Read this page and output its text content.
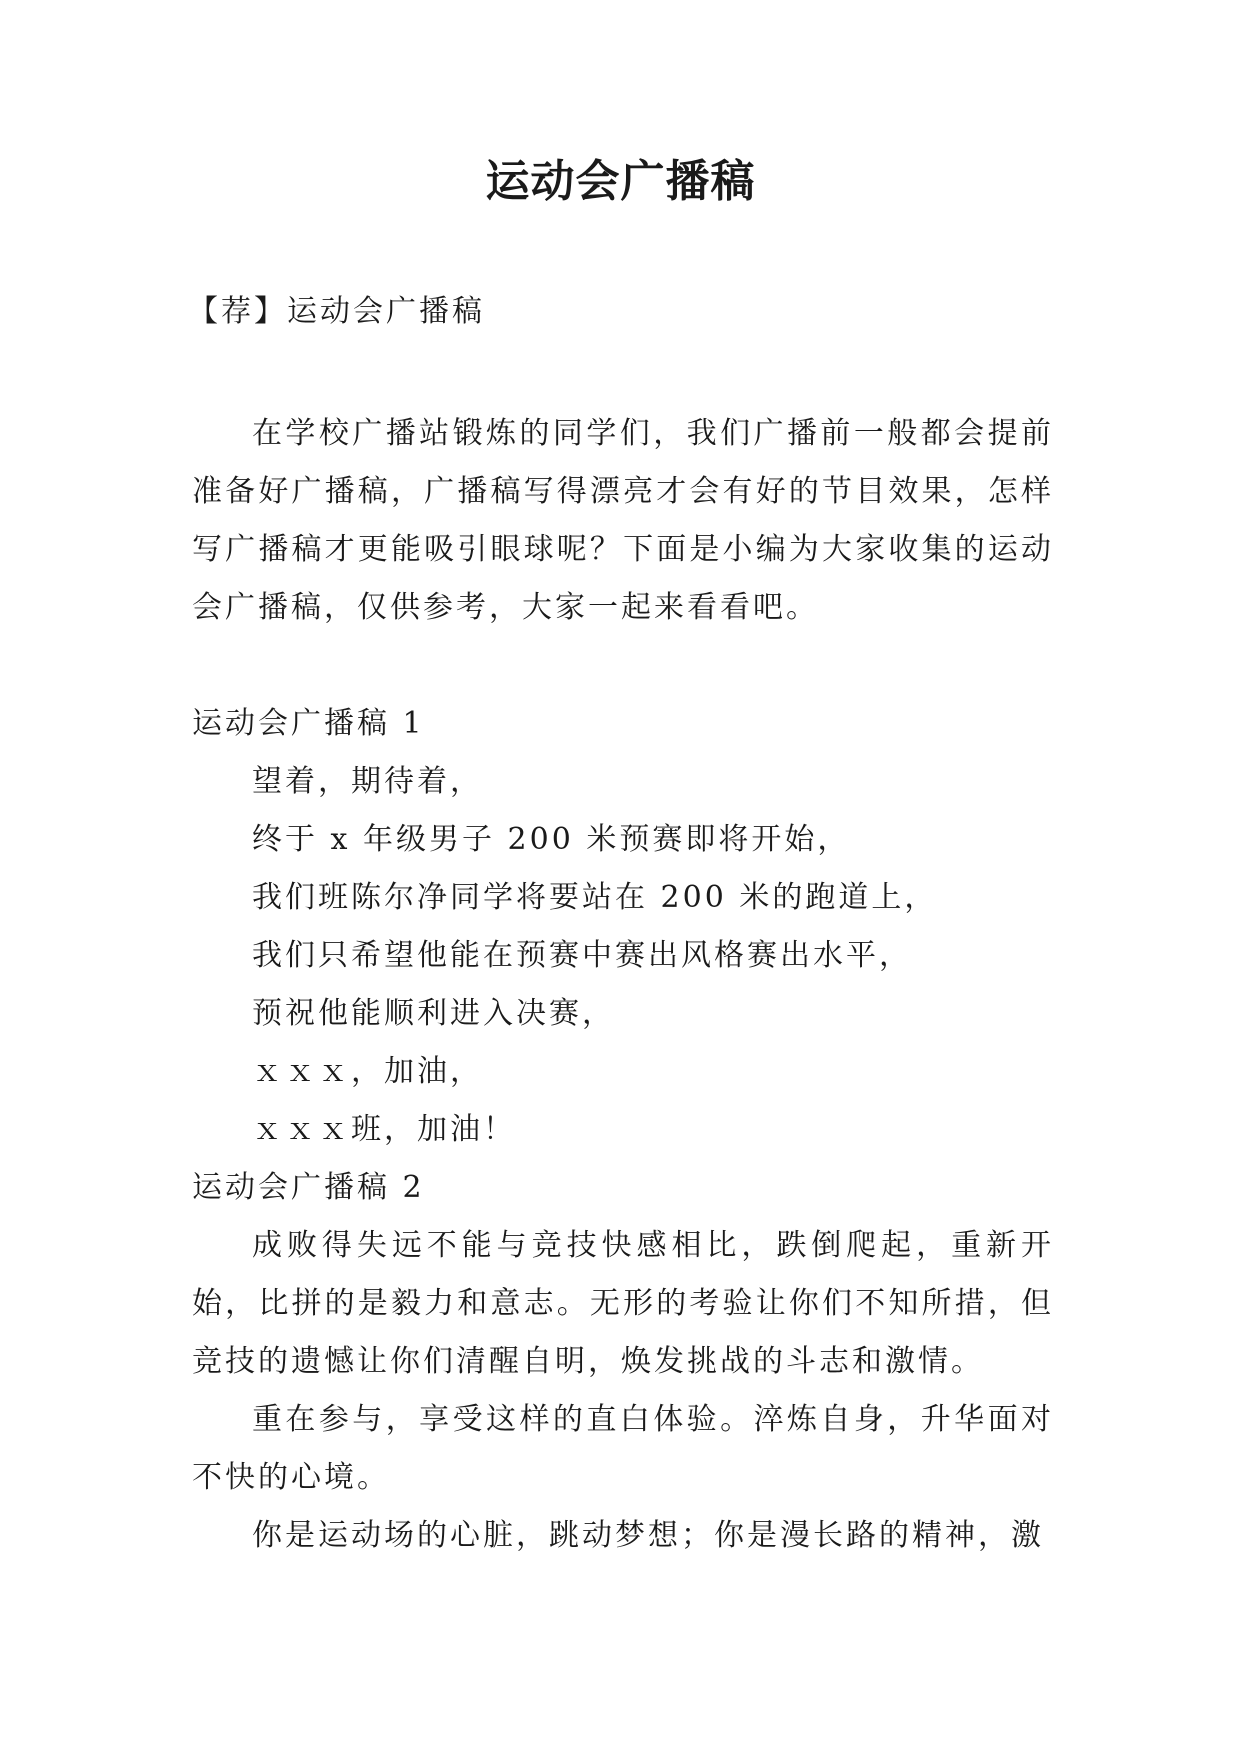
运动会广播稿
【荐】运动会广播稿

在学校广播站锻炼的同学们，我们广播前一般都会提前准备好广播稿，广播稿写得漂亮才会有好的节目效果，怎样写广播稿才更能吸引眼球呢？下面是小编为大家收集的运动会广播稿，仅供参考，大家一起来看看吧。

运动会广播稿 1

望着，期待着，

终于 x 年级男子 200 米预赛即将开始，

我们班陈尔净同学将要站在 200 米的跑道上，

我们只希望他能在预赛中赛出风格赛出水平，

预祝他能顺利进入决赛，

ｘｘｘ，加油，

ｘｘｘ班，加油！

运动会广播稿 2

成败得失远不能与竞技快感相比，跌倒爬起，重新开始，比拼的是毅力和意志。无形的考验让你们不知所措，但竞技的遗憾让你们清醒自明，焕发挑战的斗志和激情。

重在参与，享受这样的直白体验。淬炼自身，升华面对不快的心境。

你是运动场的心脏，跳动梦想；你是漫长路的精神，激
